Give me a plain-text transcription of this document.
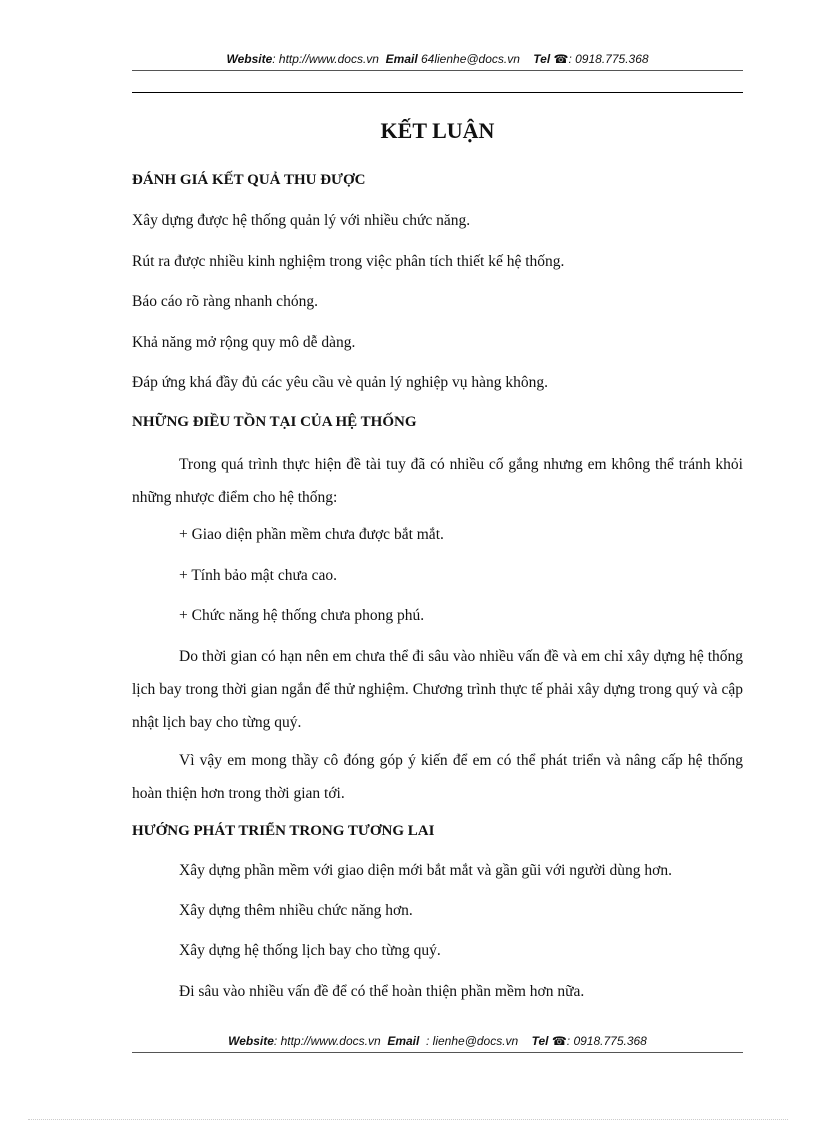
Website: http://www.docs.vn Email 64lienhe@docs.vn Tel ☎: 0918.775.368
KẾT LUẬN
ĐÁNH GIÁ KẾT QUẢ THU ĐƯỢC
Xây dựng được hệ thống quản lý với nhiều chức năng.
Rút ra được nhiều kinh nghiệm trong việc phân tích thiết kế hệ thống.
Báo cáo rõ ràng nhanh chóng.
Khả năng mở rộng quy mô dễ dàng.
Đáp ứng khá đầy đủ các yêu cầu vè quản lý nghiệp vụ hàng không.
NHỮNG ĐIỀU TỒN TẠI CỦA HỆ THỐNG
Trong quá trình thực hiện đề tài tuy đã có nhiều cố gắng nhưng em không thể tránh khỏi những nhược điểm cho hệ thống:
+ Giao diện phần mềm chưa được bắt mắt.
+ Tính bảo mật chưa cao.
+ Chức năng hệ thống chưa phong phú.
Do thời gian có hạn nên em chưa thể đi sâu vào nhiều vấn đề và em chỉ xây dựng hệ thống lịch bay trong thời gian ngắn để thử nghiệm. Chương trình thực tế phải xây dựng trong quý và cập nhật lịch bay cho từng quý.
Vì vậy em mong thầy cô đóng góp ý kiến để em có thể phát triển và nâng cấp hệ thống hoàn thiện hơn trong thời gian tới.
HƯỚNG PHÁT TRIỂN TRONG TƯƠNG LAI
Xây dựng phần mềm với giao diện mới bắt mắt và gần gũi với người dùng hơn.
Xây dựng thêm nhiều chức năng hơn.
Xây dựng hệ thống lịch bay cho từng quý.
Đi sâu vào nhiều vấn đề để có thể hoàn thiện phần mềm hơn nữa.
Website: http://www.docs.vn Email : lienhe@docs.vn Tel ☎: 0918.775.368
